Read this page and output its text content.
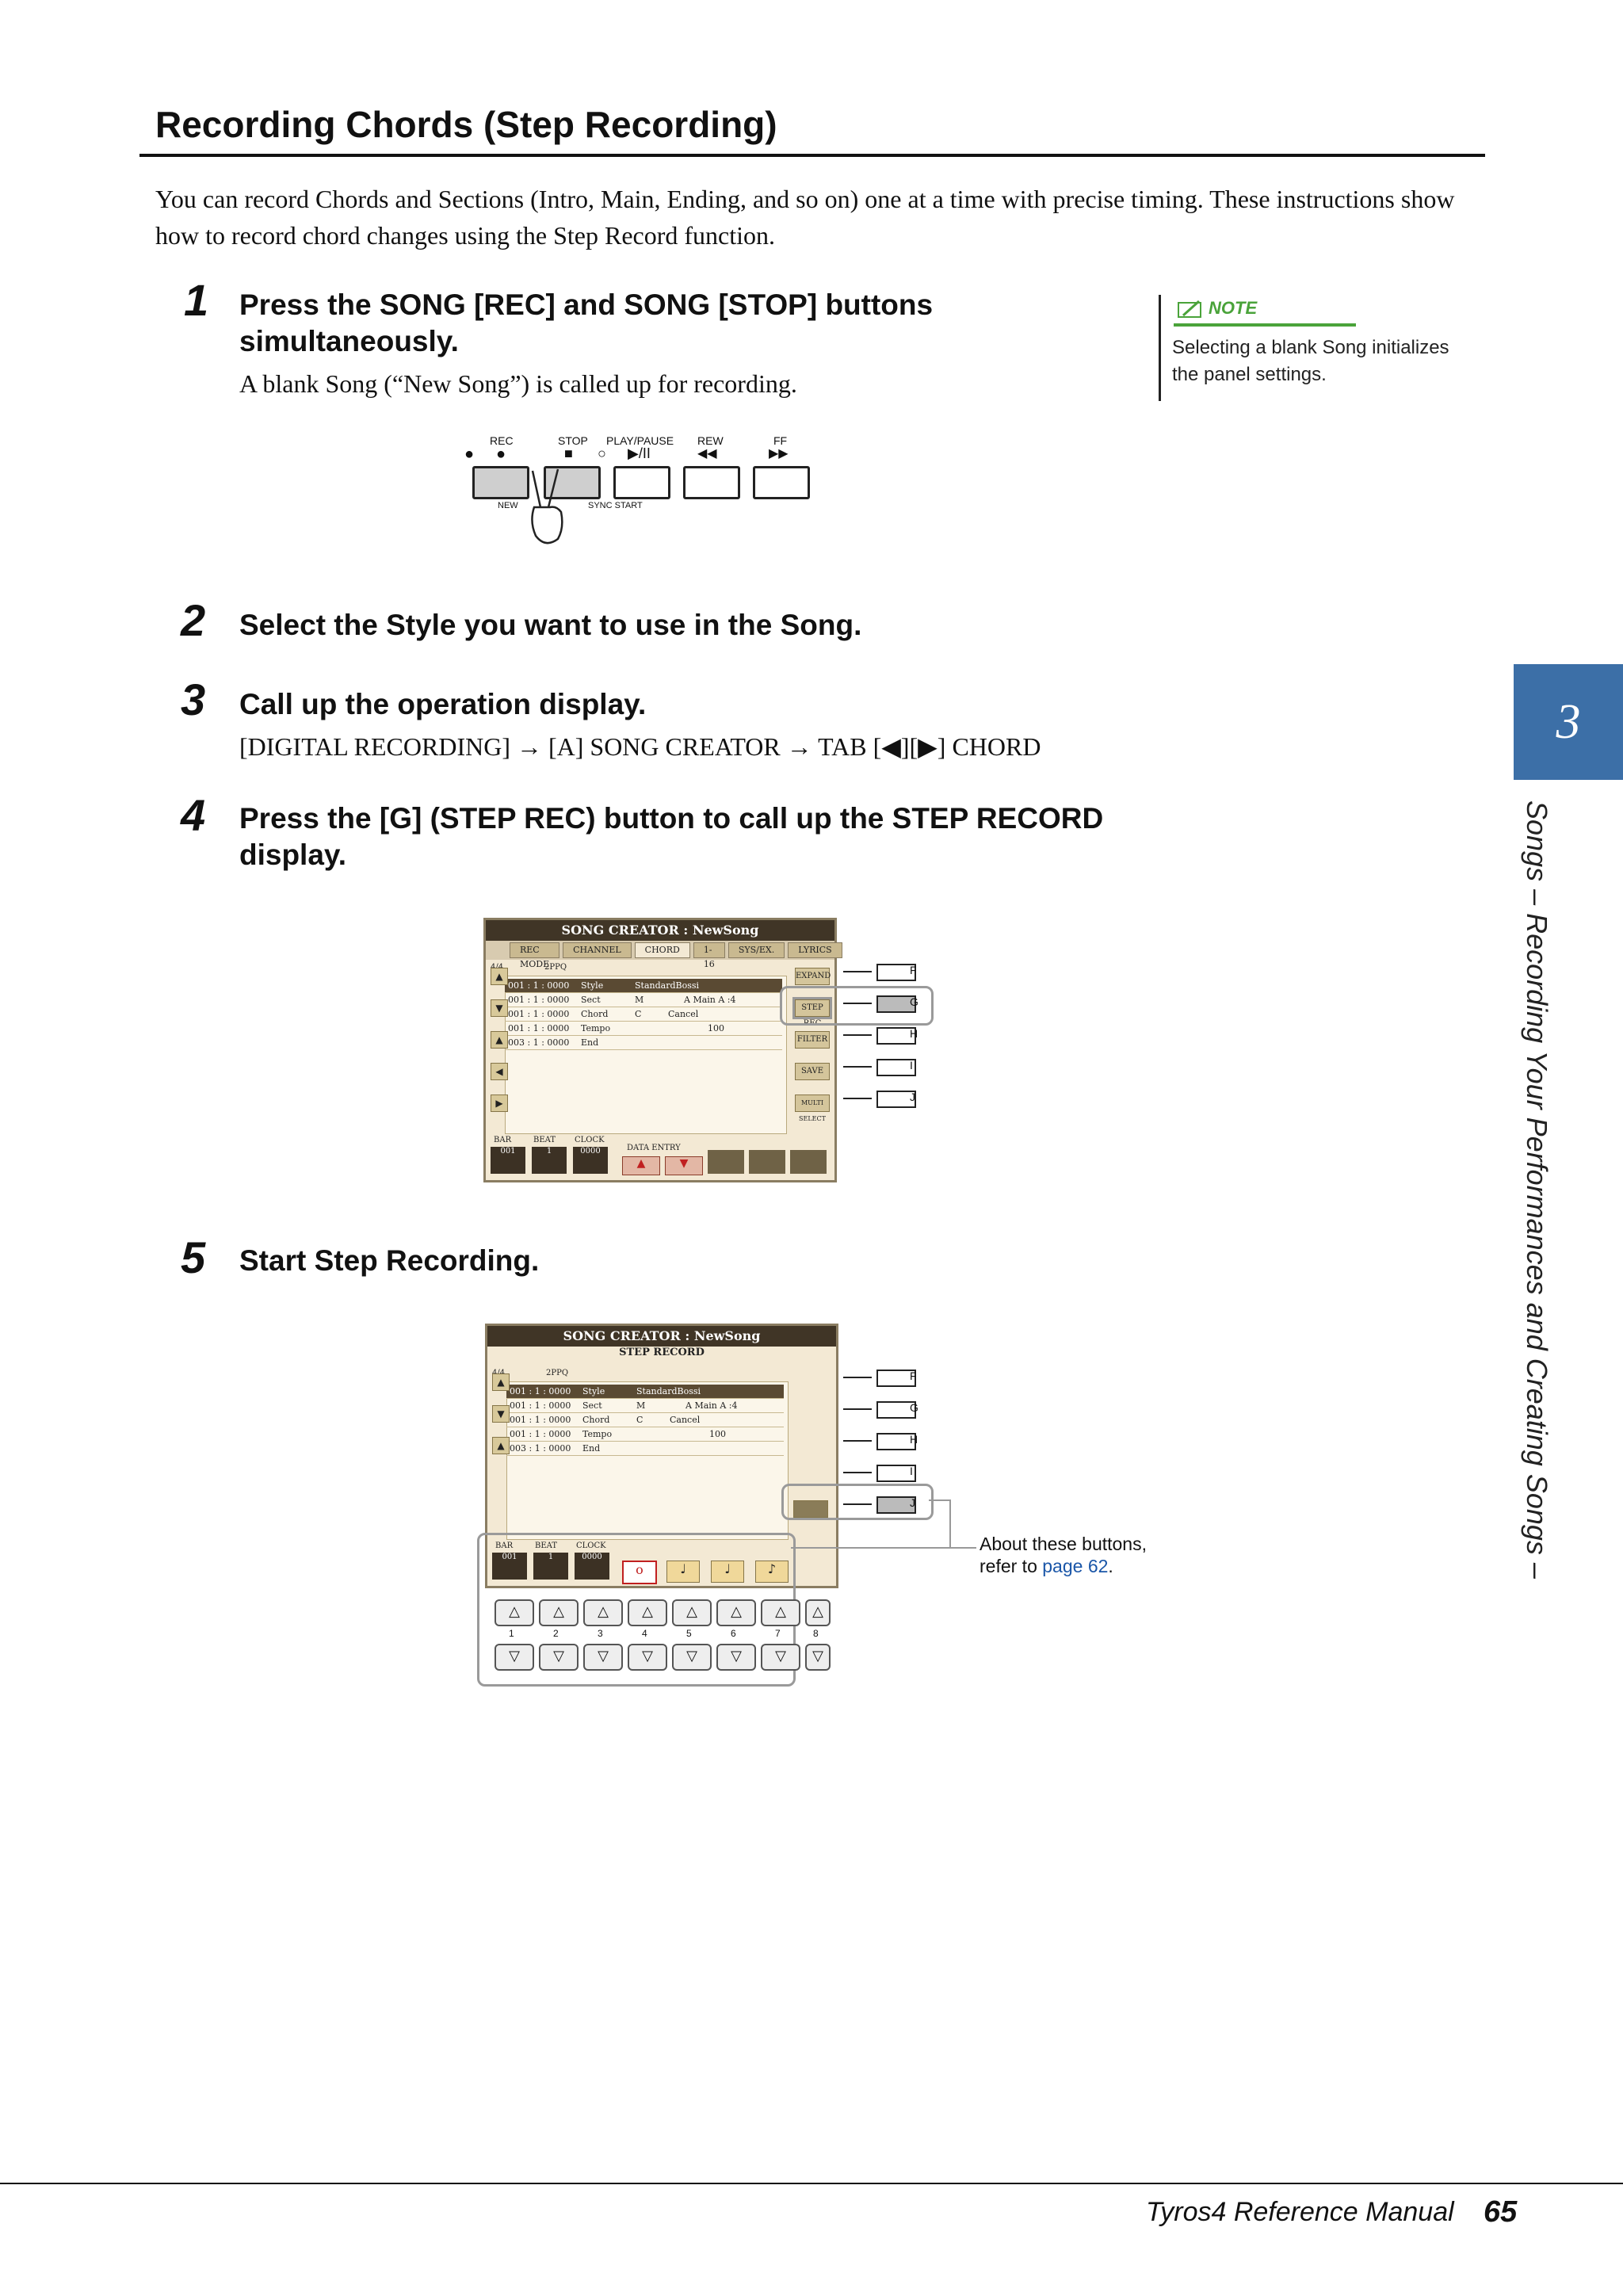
Recording Chords (Step Recording)
You can record Chords and Sections (Intro, Main, Ending, and so on) one at a time with precise timing. These instructions show how to record chord changes using the Step Record function.
1 Press the SONG [REC] and SONG [STOP] buttons simultaneously.
A blank Song (“New Song”) is called up for recording.
NOTE
Selecting a blank Song initializes the panel settings.
REC	STOP PLAY/PAUSE REW	FF
● ●	■ ○ ▶/II	◀◀	▶▶
NEW	SYNC START
2 Select the Style you want to use in the Song.
3 Call up the operation display.
[DIGITAL RECORDING] → [A] SONG CREATOR → TAB [◀][▶] CHORD
4 Press the [G] (STEP REC) button to call up the STEP RECORD display.
SONG CREATOR : NewSong
REC MODE
CHANNEL	CHORD	1-16
SYS/EX.	LYRICS
2PPQ
001 : 1 : 0000 Style	StandardBossi
001 : 1 : 0000 Sect	M	A Main A :4
001 : 1 : 0000 Chord	C	Cancel
001 : 1 : 0000 Tempo	100
003 : 1 : 0000 End
▲
▼
▲
◀
▶
EXPAND
STEP REC
FILTER
SAVE
MULTI SELECT
BAR	BEAT CLOCK
DATA ENTRY
001	1	0000
▲	▼
F
G
H
I
J
5 Start Step Recording.
SONG CREATOR : NewSong
STEP RECORD
2PPQ
001 : 1 : 0000 Style	StandardBossi
001 : 1 : 0000 Sect	M	A Main A :4
001 : 1 : 0000 Chord	C	Cancel
001 : 1 : 0000 Tempo	100
003 : 1 : 0000 End
▲
▼
▲
BAR	BEAT CLOCK
001	1	0000
o	♩	♩	♪
F
G
H
I
J
△	△	△	△	△	△	△	△
1	2	3	4	5	6	7	8
▽	▽	▽	▽	▽	▽	▽	▽
About these buttons,
refer to page 62.
3
Songs – Recording Your Performances and Creating Songs –
Tyros4 Reference Manual 65
